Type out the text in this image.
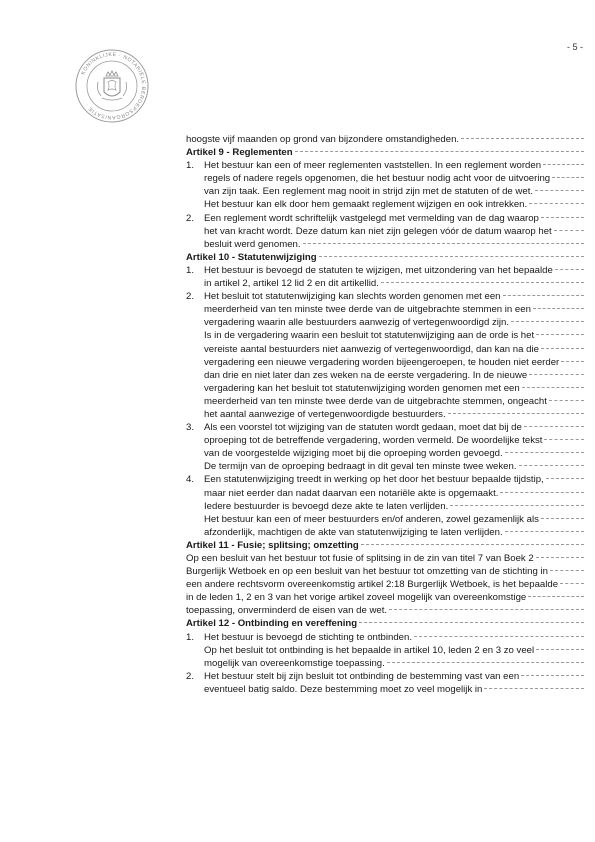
- 5 -
KONINKLIJKE · NOTARIËLE BEROEPSORGANISATIE ·
hoogste vijf maanden op grond van bijzondere omstandigheden.
Artikel 9 - Reglementen
1. Het bestuur kan een of meer reglementen vaststellen. In een reglement worden
regels of nadere regels opgenomen, die het bestuur nodig acht voor de uitvoering
van zijn taak. Een reglement mag nooit in strijd zijn met de statuten of de wet.
Het bestuur kan elk door hem gemaakt reglement wijzigen en ook intrekken.
2. Een reglement wordt schriftelijk vastgelegd met vermelding van de dag waarop
het van kracht wordt. Deze datum kan niet zijn gelegen vóór de datum waarop het
besluit werd genomen.
Artikel 10 - Statutenwijziging
1. Het bestuur is bevoegd de statuten te wijzigen, met uitzondering van het bepaalde
in artikel 2, artikel 12 lid 2 en dit artikellid.
2. Het besluit tot statutenwijziging kan slechts worden genomen met een
meerderheid van ten minste twee derde van de uitgebrachte stemmen in een
vergadering waarin alle bestuurders aanwezig of vertegenwoordigd zijn.
Is in de vergadering waarin een besluit tot statutenwijziging aan de orde is het
vereiste aantal bestuurders niet aanwezig of vertegenwoordigd, dan kan na die
vergadering een nieuwe vergadering worden bijeengeroepen, te houden niet eerder
dan drie en niet later dan zes weken na de eerste vergadering. In de nieuwe
vergadering kan het besluit tot statutenwijziging worden genomen met een
meerderheid van ten minste twee derde van de uitgebrachte stemmen, ongeacht
het aantal aanwezige of vertegenwoordigde bestuurders.
3. Als een voorstel tot wijziging van de statuten wordt gedaan, moet dat bij de
oproeping tot de betreffende vergadering, worden vermeld. De woordelijke tekst
van de voorgestelde wijziging moet bij die oproeping worden gevoegd.
De termijn van de oproeping bedraagt in dit geval ten minste twee weken.
4. Een statutenwijziging treedt in werking op het door het bestuur bepaalde tijdstip,
maar niet eerder dan nadat daarvan een notariële akte is opgemaakt.
Iedere bestuurder is bevoegd deze akte te laten verlijden.
Het bestuur kan een of meer bestuurders en/of anderen, zowel gezamenlijk als
afzonderlijk, machtigen de akte van statutenwijziging te laten verlijden.
Artikel 11 - Fusie; splitsing; omzetting
Op een besluit van het bestuur tot fusie of splitsing in de zin van titel 7 van Boek 2
Burgerlijk Wetboek en op een besluit van het bestuur tot omzetting van de stichting in
een andere rechtsvorm overeenkomstig artikel 2:18 Burgerlijk Wetboek, is het bepaalde
in de leden 1, 2 en 3 van het vorige artikel zoveel mogelijk van overeenkomstige
toepassing, onverminderd de eisen van de wet.
Artikel 12 - Ontbinding en vereffening
1. Het bestuur is bevoegd de stichting te ontbinden.
Op het besluit tot ontbinding is het bepaalde in artikel 10, leden 2 en 3 zo veel
mogelijk van overeenkomstige toepassing.
2. Het bestuur stelt bij zijn besluit tot ontbinding de bestemming vast van een
eventueel batig saldo. Deze bestemming moet zo veel mogelijk in
